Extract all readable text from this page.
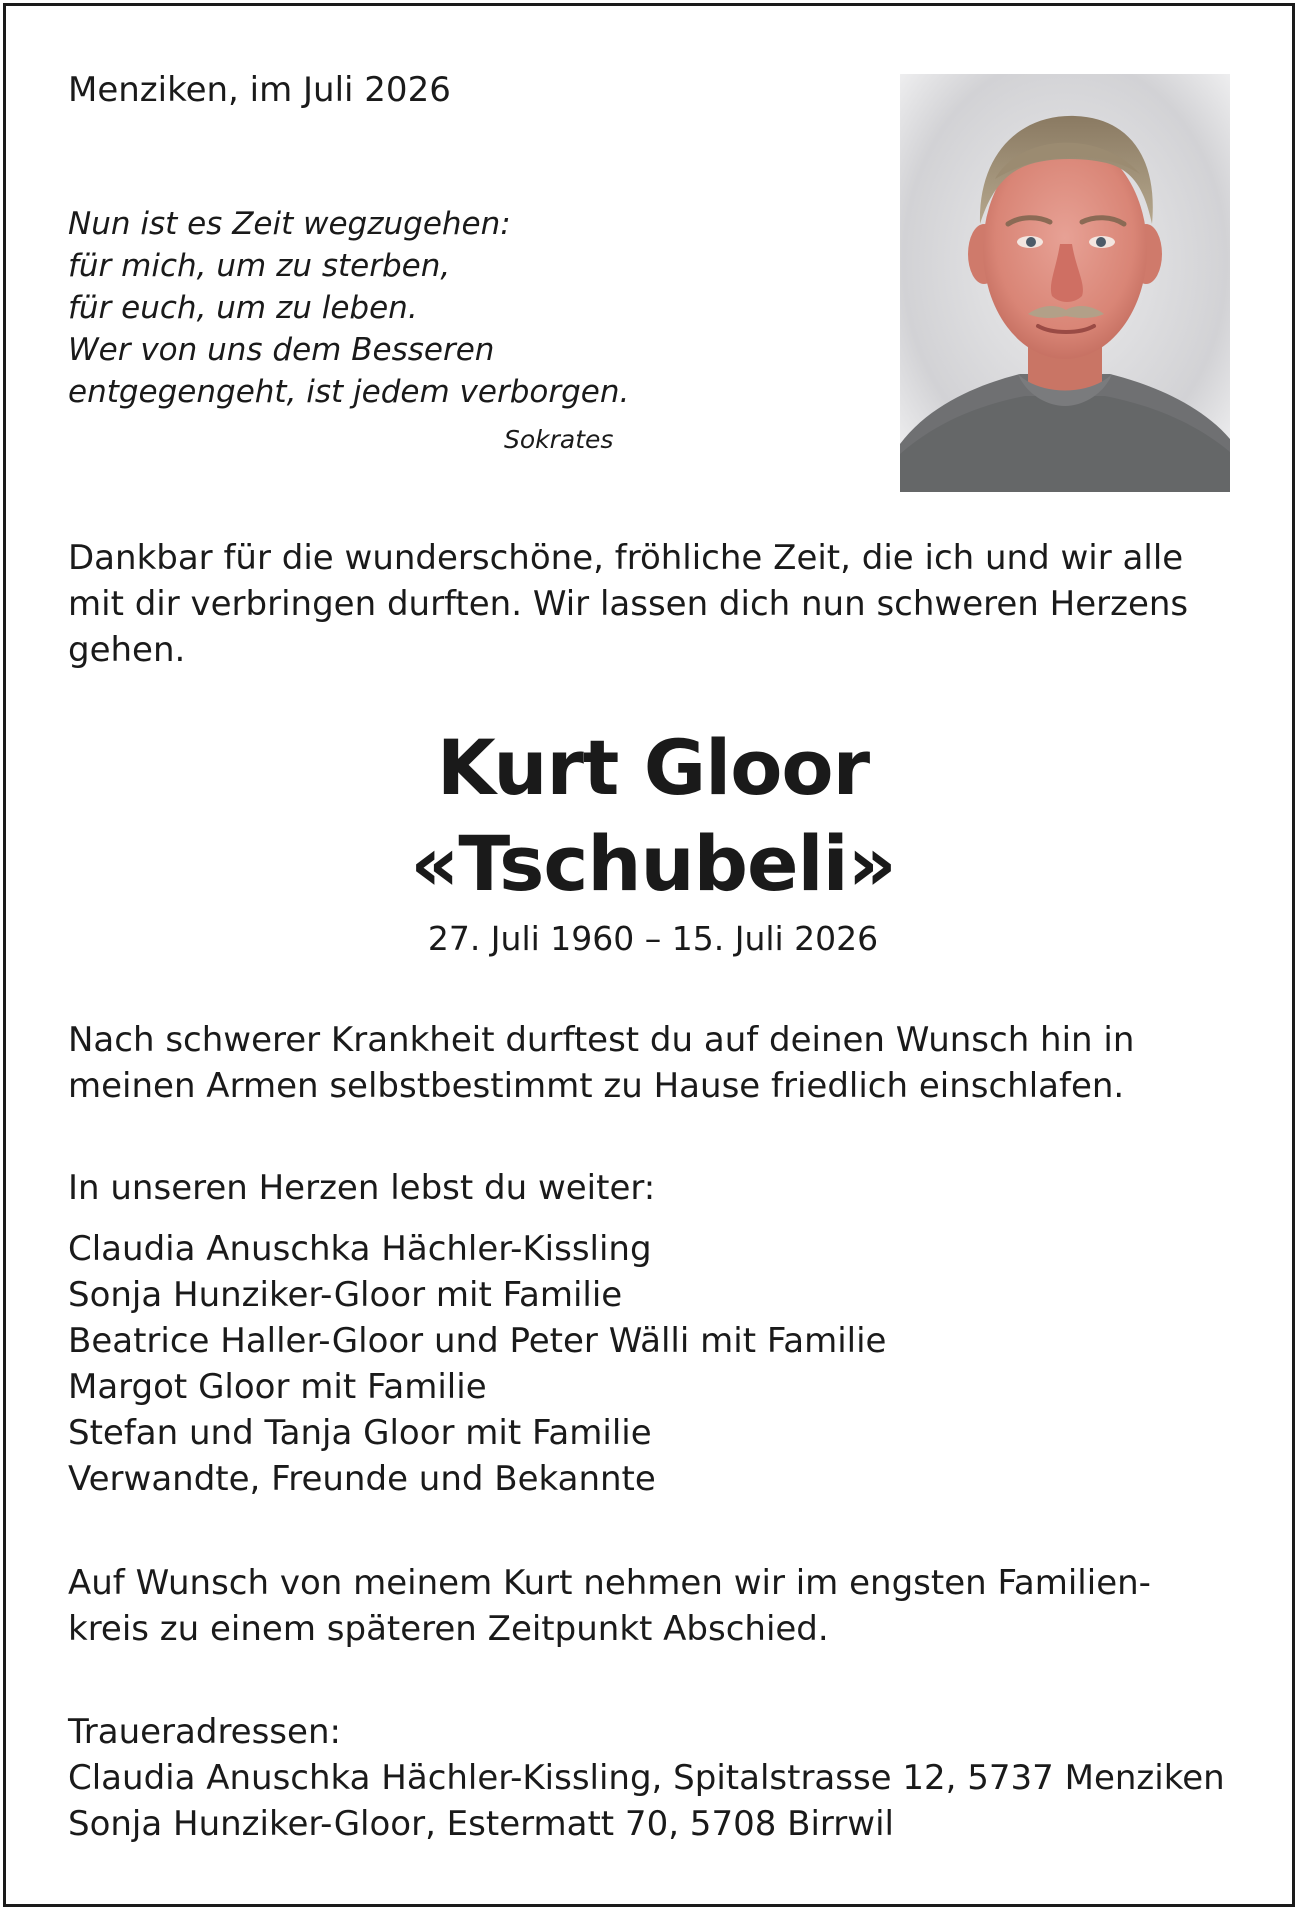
Menziken, im Juli 2026
Nun ist es Zeit wegzugehen:
für mich, um zu sterben,
für euch, um zu leben.
Wer von uns dem Besseren
entgegengeht, ist jedem verborgen.
Sokrates
Dankbar für die wunderschöne, fröhliche Zeit, die ich und wir alle mit dir verbringen durften. Wir lassen dich nun schweren Herzens gehen.
Kurt Gloor
«Tschubeli»
27. Juli 1960 – 15. Juli 2026
Nach schwerer Krankheit durftest du auf deinen Wunsch hin in meinen Armen selbstbestimmt zu Hause friedlich einschlafen.
In unseren Herzen lebst du weiter:
Claudia Anuschka Hächler-Kissling
Sonja Hunziker-Gloor mit Familie
Beatrice Haller-Gloor und Peter Wälli mit Familie
Margot Gloor mit Familie
Stefan und Tanja Gloor mit Familie
Verwandte, Freunde und Bekannte
Auf Wunsch von meinem Kurt nehmen wir im engsten Familien-
kreis zu einem späteren Zeitpunkt Abschied.
Traueradressen:
Claudia Anuschka Hächler-Kissling, Spitalstrasse 12, 5737 Menziken
Sonja Hunziker-Gloor, Estermatt 70, 5708 Birrwil
